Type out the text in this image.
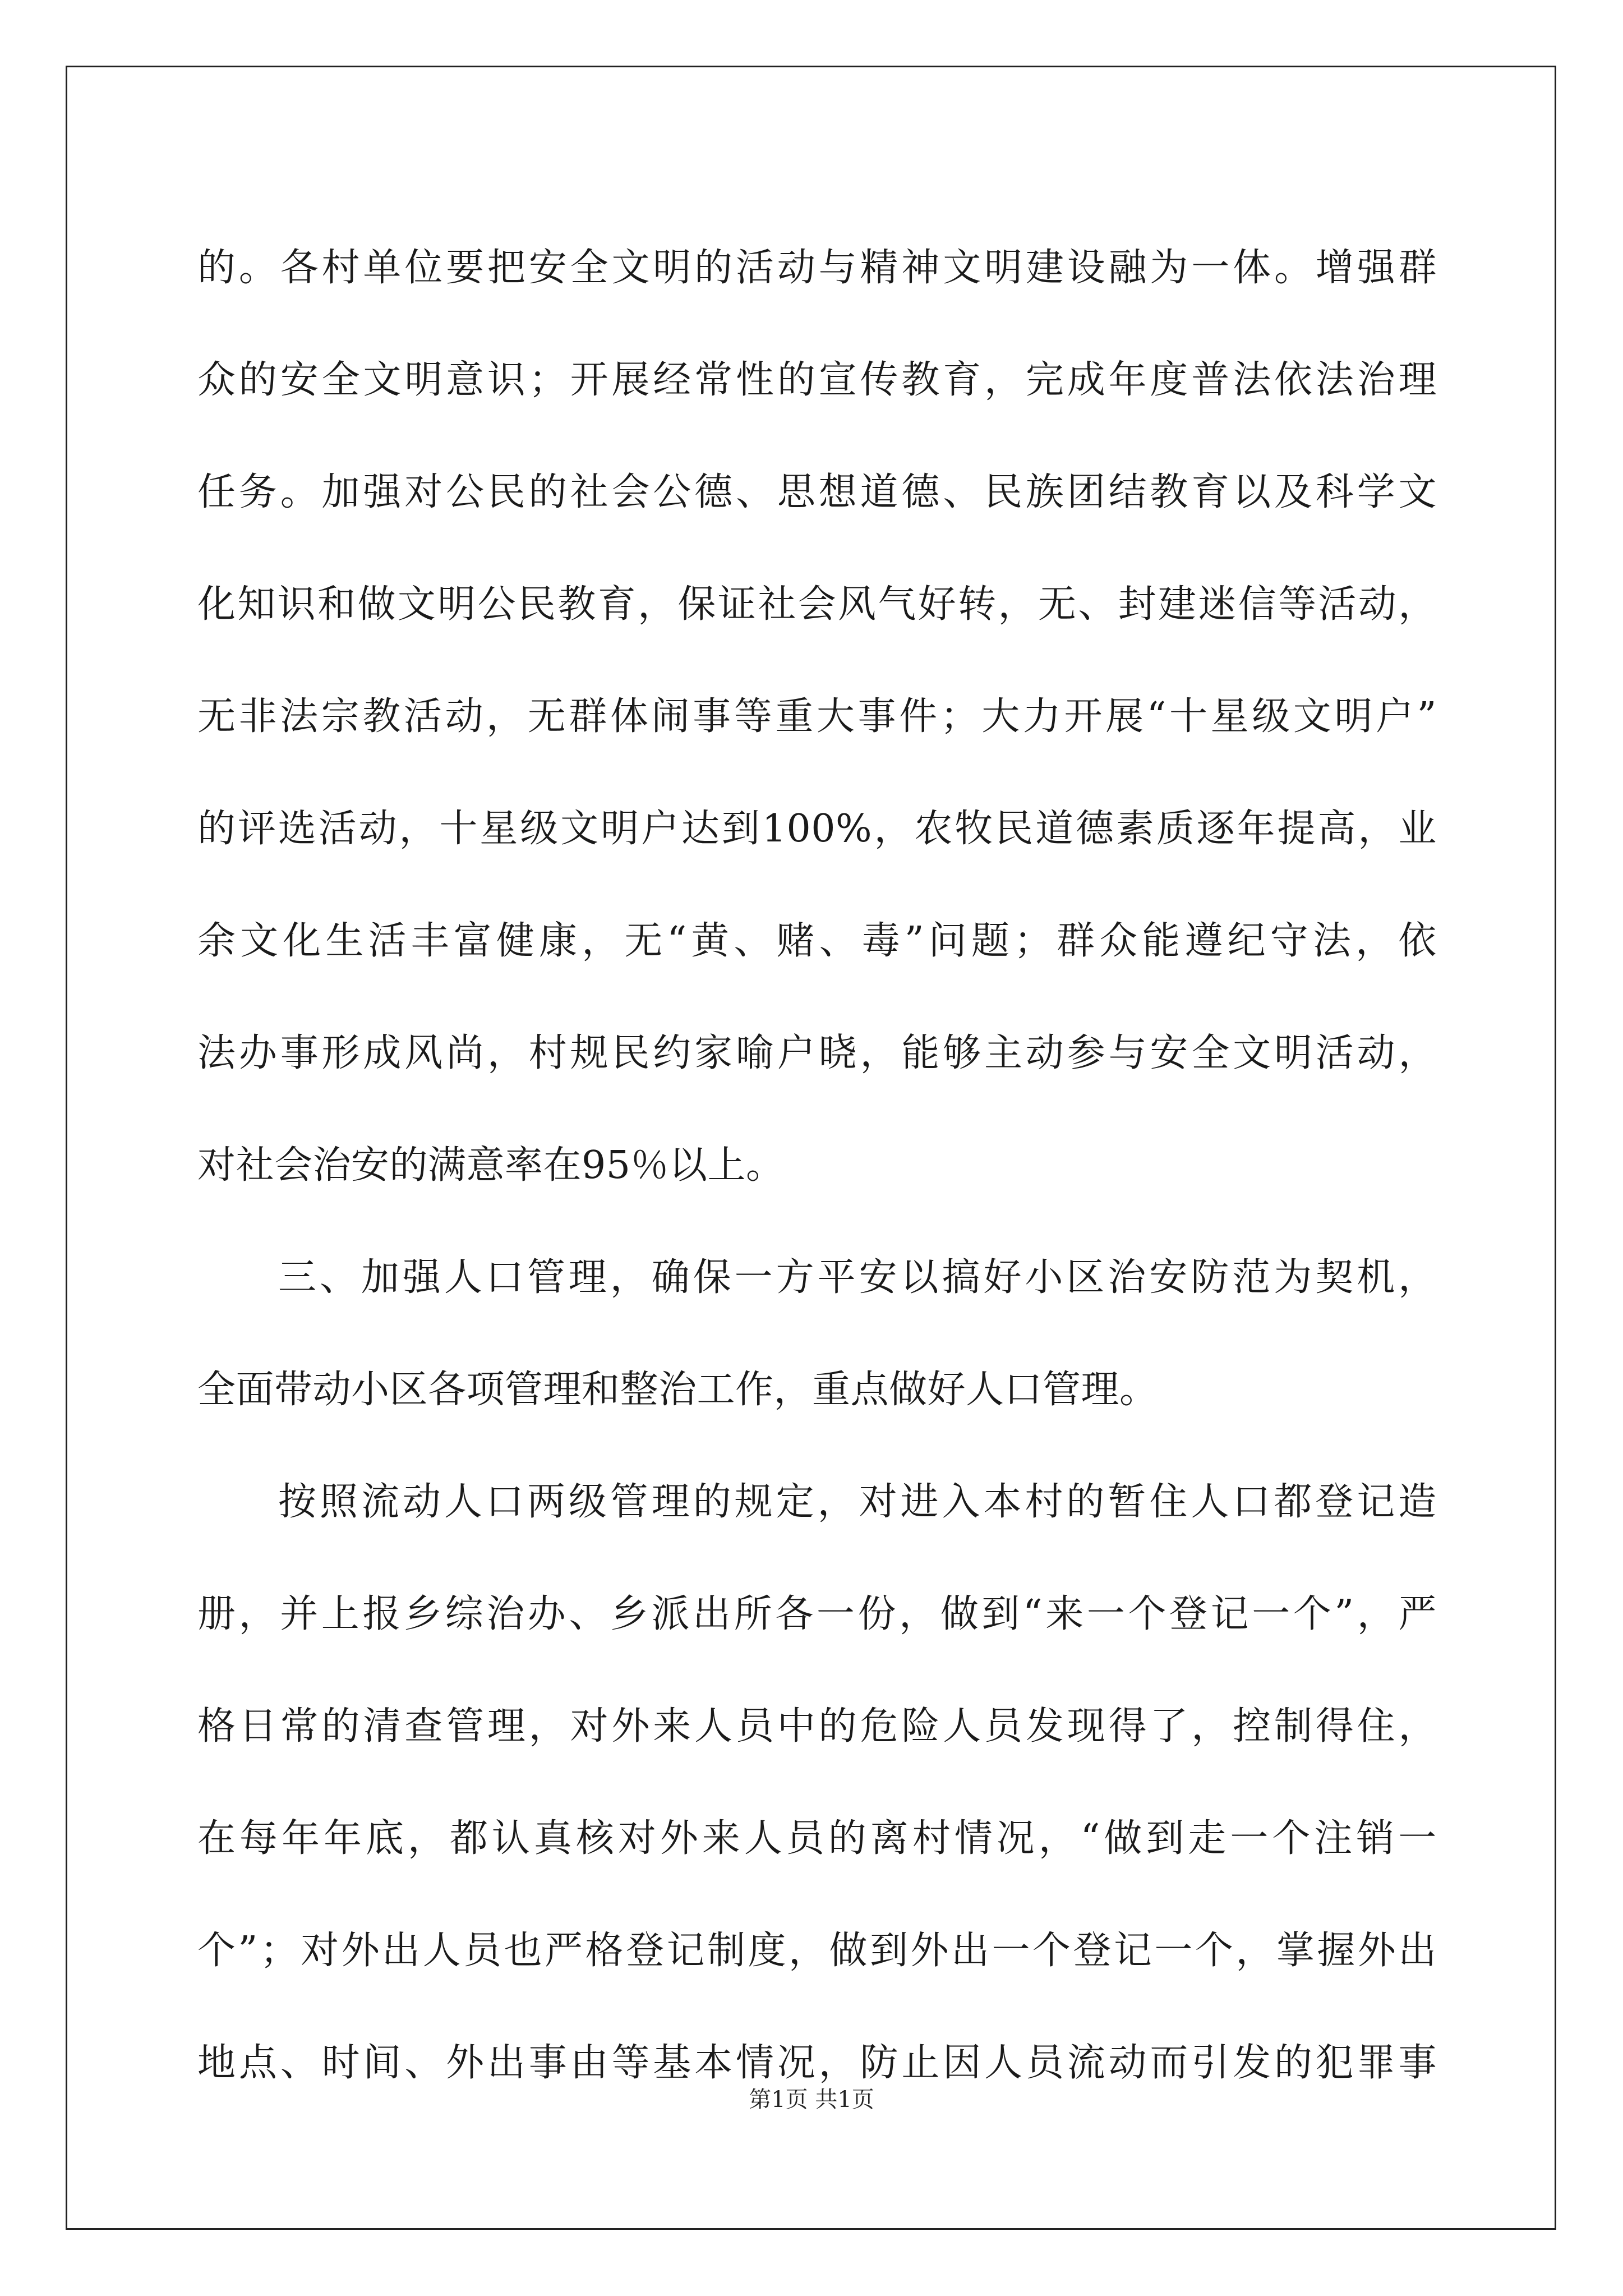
的 。 各 村 单 位 要 把 安 全 文 明 的 活 动 与 精 神 文 明 建 设 融 为 一 体 。 增 强 群
众 的 安 全 文 明 意 识 ； 开 展 经 常 性 的 宣 传 教 育 ， 完 成 年 度 普 法 依 法 治 理
任 务 。 加 强 对 公 民 的 社 会 公 德 、 思 想 道 德 、 民 族 团 结 教 育 以 及 科 学 文
化 知 识 和 做 文 明 公 民 教 育 ， 保 证 社 会 风 气 好 转 ， 无 、 封 建 迷 信 等 活 动 ，
无 非 法 宗 教 活 动 ， 无 群 体 闹 事 等 重 大 事 件 ； 大 力 开 展 “ 十 星 级 文 明 户 ”
的 评 选 活 动 ， 十 星 级 文 明 户 达 到 100% ， 农 牧 民 道 德 素 质 逐 年 提 高 ， 业
余 文 化 生 活 丰 富 健 康 ， 无 “ 黄 、 赌 、 毒 ” 问 题 ； 群 众 能 遵 纪 守 法 ， 依
法 办 事 形 成 风 尚 ， 村 规 民 约 家 喻 户 晓 ， 能 够 主 动 参 与 安 全 文 明 活 动 ，
对社会治安的满意率在95％以上。
三 、 加 强 人 口 管 理 ， 确 保 一 方 平 安 以 搞 好 小 区 治 安 防 范 为 契 机 ，
全面带动小区各项管理和整治工作，重点做好人口管理。
按 照 流 动 人 口 两 级 管 理 的 规 定 ， 对 进 入 本 村 的 暂 住 人 口 都 登 记 造
册 ， 并 上 报 乡 综 治 办 、 乡 派 出 所 各 一 份 ， 做 到 “ 来 一 个 登 记 一 个 ” ， 严
格 日 常 的 清 查 管 理 ， 对 外 来 人 员 中 的 危 险 人 员 发 现 得 了 ， 控 制 得 住 ，
在 每 年 年 底 ， 都 认 真 核 对 外 来 人 员 的 离 村 情 况 ， “ 做 到 走 一 个 注 销 一
个 ” ； 对 外 出 人 员 也 严 格 登 记 制 度 ， 做 到 外 出 一 个 登 记 一 个 ， 掌 握 外 出
地 点 、 时 间 、 外 出 事 由 等 基 本 情 况 ， 防 止 因 人 员 流 动 而 引 发 的 犯 罪 事
第1页 共1页
